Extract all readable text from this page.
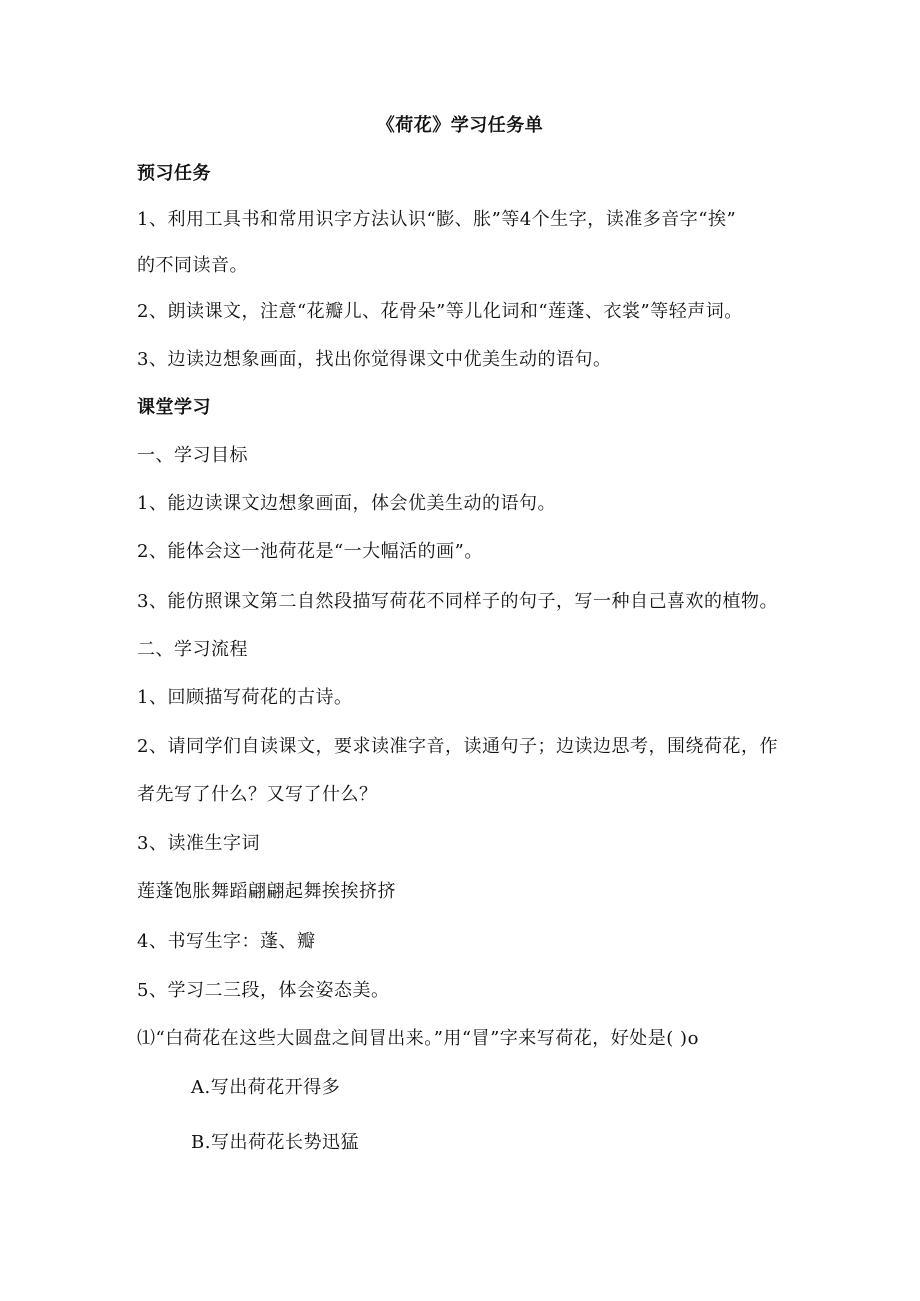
《荷花》学习任务单
预习任务
1、利用工具书和常用识字方法认识“膨、胀”等4个生字，读准多音字“挨”
的不同读音。
2、朗读课文，注意“花瓣儿、花骨朵”等儿化词和“莲蓬、衣裳”等轻声词。
3、边读边想象画面，找出你觉得课文中优美生动的语句。
课堂学习
一、学习目标
1、能边读课文边想象画面，体会优美生动的语句。
2、能体会这一池荷花是“一大幅活的画”。
3、能仿照课文第二自然段描写荷花不同样子的句子，写一种自己喜欢的植物。
二、学习流程
1、回顾描写荷花的古诗。
2、请同学们自读课文，要求读准字音，读通句子；边读边思考，围绕荷花，作
者先写了什么？又写了什么？
3、读准生字词
莲蓬饱胀舞蹈翩翩起舞挨挨挤挤
4、书写生字：蓬、瓣
5、学习二三段，体会姿态美。
⑴“白荷花在这些大圆盘之间冒出来。”用“冒”字来写荷花，好处是( )o
A.写出荷花开得多
B.写出荷花长势迅猛
